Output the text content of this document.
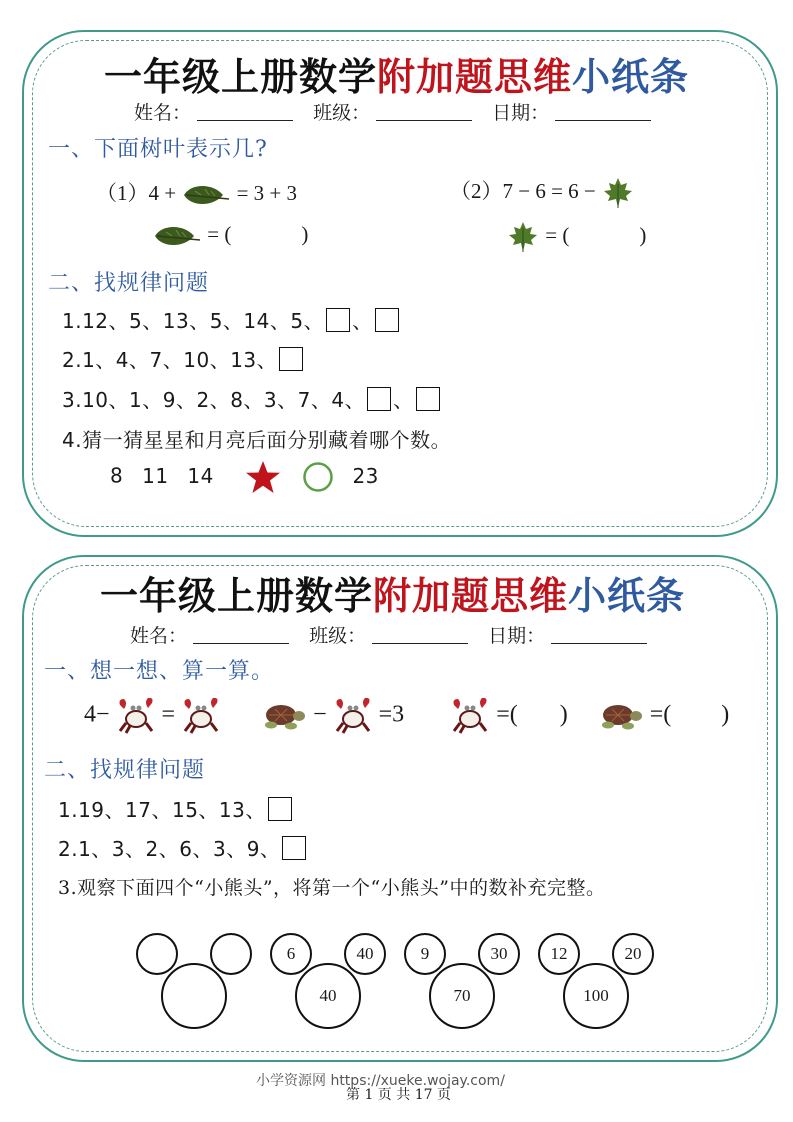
一年级上册数学附加题思维小纸条
姓名：	班级：	日期：
一、下面树叶表示几?
（1）4 +	= 3 + 3
= (	)
（2）7 − 6 = 6 −
= (	)
二、找规律问题
1.12、5、13、5、14、5、 、
2.1、4、7、10、13、
3.10、1、9、2、8、3、7、4、 、
4.猜一猜星星和月亮后面分别藏着哪个数。
8 11 14	23
一年级上册数学附加题思维小纸条
姓名：	班级：	日期：
一、想一想、算一算。
4− =	− =3	=( )	=( )
二、找规律问题
1.19、17、15、13、
2.1、3、2、6、3、9、
3.观察下面四个“小熊头”，将第一个“小熊头”中的数补充完整。
6	40
40
9	30
70
12	20
100
小学资源网 https://xueke.wojay.com/
第 1 页 共 17 页
